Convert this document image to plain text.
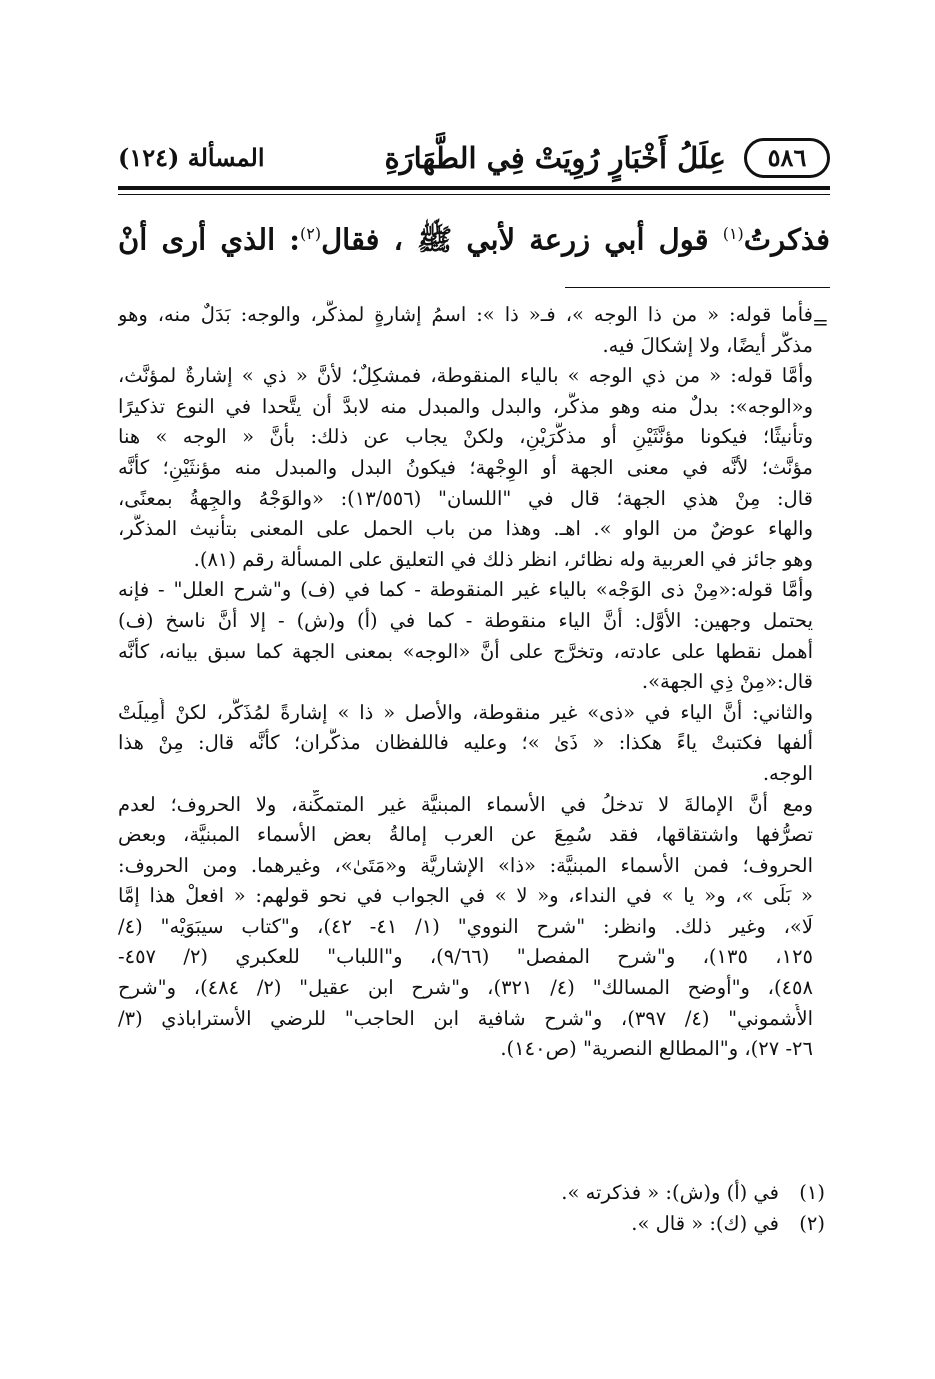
٥٨٦
عِلَلُ أَخْبَارٍ رُوِيَتْ فِي الطَّهَارَةِ
المسألة (١٢٤)
فذكرتُ$^{(١)}$ قول أبي زرعة لأبي ﷺ ، فقال$^{(٢)}$: الذي أرى أنْ
=
فأما قوله: « من ذا الوجه »، فـ« ذا »: اسمُ إشارةٍ لمذكَّر، والوجه: بَدَلٌ منه، وهو
مذكَّر أيضًا، ولا إشكالَ فيه.
وأمَّا قوله: « من ذي الوجه » بالياء المنقوطة، فمشكِلٌ؛ لأنَّ « ذي » إشارةٌ لمؤنَّث،
و«الوجه»: بدلٌ منه وهو مذكَّر، والبدل والمبدل منه لابدَّ أن يتَّحدا في النوع تذكيرًا
وتأنيثًا؛ فيكونا مؤنَّثَيْنِ أو مذكَّرَيْنِ، ولكنْ يجاب عن ذلك: بأنَّ « الوجه » هنا
مؤنَّث؛ لأنَّه في معنى الجهة أو الوِجْهة؛ فيكونُ البدل والمبدل منه مؤنثَيْنِ؛ كأنَّه
قال: مِنْ هذي الجهة؛ قال في "اللسان" (١٣/٥٥٦): «والوَجْهُ والجِهةُ بمعنًى،
والهاء عوضٌ من الواو ». اهـ. وهذا من باب الحمل على المعنى بتأنيث المذكَّر،
وهو جائز في العربية وله نظائر، انظر ذلك في التعليق على المسألة رقم (٨١).
وأمَّا قوله:«مِنْ ذى الوَجْه» بالياء غير المنقوطة - كما في (ف) و"شرح العلل" - فإنه
يحتمل وجهين: الأوَّل: أنَّ الياء منقوطة - كما في (أ) و(ش) - إلا أنَّ ناسخ (ف)
أهمل نقطها على عادته، وتخرَّج على أنَّ «الوجه» بمعنى الجهة كما سبق بيانه، كأنَّه
قال:«مِنْ ذِي الجهة».
والثاني: أنَّ الياء في «ذى» غير منقوطة، والأصل « ذا » إشارةً لمُذَكَّر، لكنْ أُمِيلَتْ
ألفها فكتبتْ ياءً هكذا: « ذَىٰ »؛ وعليه فاللفظان مذكَّران؛ كأنَّه قال: مِنْ هذا
الوجه.
ومع أنَّ الإمالةَ لا تدخلُ في الأسماء المبنيَّة غير المتمكِّنة، ولا الحروف؛ لعدم
تصرُّفها واشتقاقها، فقد سُمِعَ عن العرب إمالةُ بعض الأسماء المبنيَّة، وبعض
الحروف؛ فمن الأسماء المبنيَّة: «ذا» الإشاريَّة و«مَتَىٰ»، وغيرهما. ومن الحروف:
« بَلَى »، و« يا » في النداء، و« لا » في الجواب في نحو قولهم: « افعلْ هذا إمَّا
لَا»، وغير ذلك. وانظر: "شرح النووي" (١/ ٤١- ٤٢)، و"كتاب سيبَوَيْه" (٤/
١٢٥، ١٣٥)، و"شرح المفصل" (٩/٦٦)، و"اللباب" للعكبري (٢/ ٤٥٧-
٤٥٨)، و"أوضح المسالك" (٤/ ٣٢١)، و"شرح ابن عقيل" (٢/ ٤٨٤)، و"شرح
الأُشموني" (٤/ ٣٩٧)، و"شرح شافية ابن الحاجب" للرضي الأستراباذي (٣/
٢٦- ٢٧)، و"المطالع النصرية" (ص١٤٠).
(١)في (أ) و(ش): « فذكرته ».
(٢)في (ك): « قال ».
